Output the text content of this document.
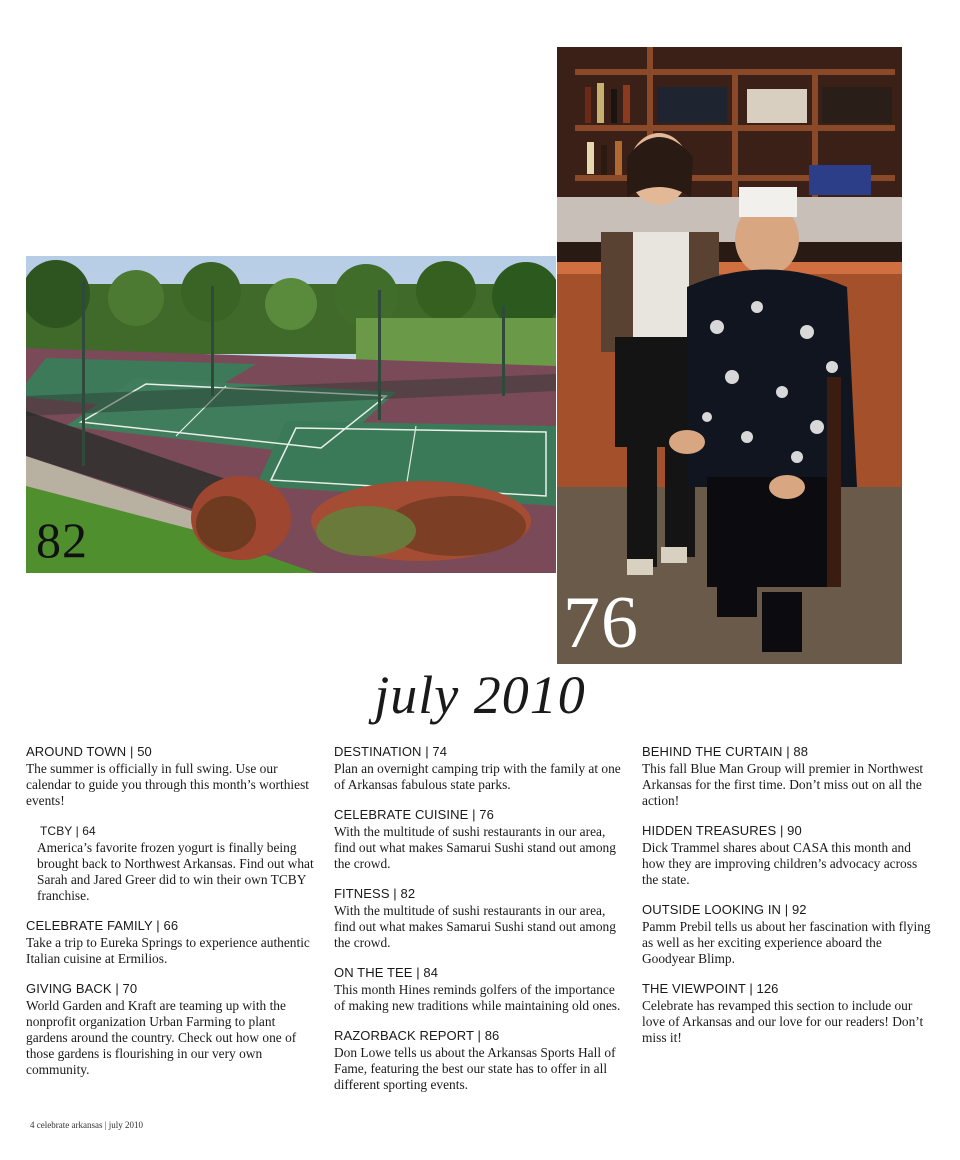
82
76
july 2010
AROUND TOWN | 50
The summer is officially in full swing. Use our calendar to guide you through this month’s worthiest events!
TCBY | 64
America’s favorite frozen yogurt is finally being brought back to Northwest Arkansas. Find out what Sarah and Jared Greer did to win their own TCBY franchise.
CELEBRATE FAMILY | 66
Take a trip to Eureka Springs to experience authentic Italian cuisine at Ermilios.
GIVING BACK | 70
World Garden and Kraft are teaming up with the nonprofit organization Urban Farming to plant gardens around the country. Check out how one of those gardens is flourishing in our very own community.
DESTINATION | 74
Plan an overnight camping trip with the family at one of Arkansas fabulous state parks.
CELEBRATE CUISINE | 76
With the multitude of sushi restaurants in our area, find out what makes Samarui Sushi stand out among the crowd.
FITNESS | 82
With the multitude of sushi restaurants in our area, find out what makes Samarui Sushi stand out among the crowd.
ON THE TEE | 84
This month Hines reminds golfers of the importance of making new traditions while maintaining old ones.
RAZORBACK REPORT | 86
Don Lowe tells us about the Arkansas Sports Hall of Fame, featuring the best our state has to offer in all different sporting events.
BEHIND THE CURTAIN | 88
This fall Blue Man Group will premier in Northwest Arkansas for the first time. Don’t miss out on all the action!
HIDDEN TREASURES | 90
Dick Trammel shares about CASA this month and how they are improving children’s advocacy across the state.
OUTSIDE LOOKING IN | 92
Pamm Prebil tells us about her fascination with flying as well as her exciting experience aboard the Goodyear Blimp.
THE VIEWPOINT | 126
Celebrate has revamped this section to include our love of Arkansas and our love for our readers! Don’t miss it!
4 celebrate arkansas | july 2010
